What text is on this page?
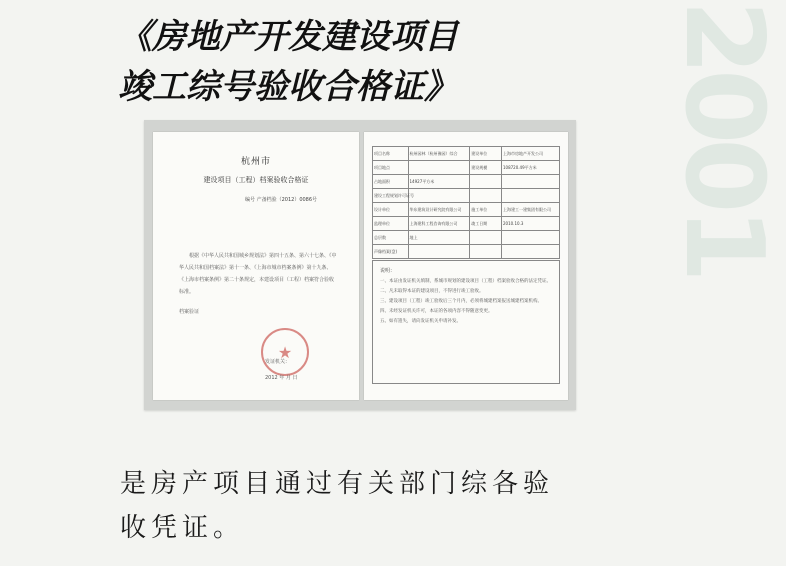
2001
《房地产开发建设项目
竣工综号验收合格证》
杭州市
建设项目（工程）档案验收合格证
编号 产备档验（2012）0086号
根据《中华人民共和国城乡规划法》第四十五条、第六十七条、《中华人民共和国档案法》第十一条、《上海市城市档案条例》第十九条、《上海市档案条例》第二十条规定，本建设项目（工程）档案符合验收标准。
档案验证
★
发证机关：
2012 年 月 日
项目名称	杭州园林（杭州豫园）综合	建设单位	上海市房地产开发公司
项目地点		建设规模	108720.49平方米
占地面积	14927平方米		
建设工程规划许可证号			
设计单位	华东建筑设计研究院有限公司	施工单位	上海建工一建集团有限公司
监理单位	上海建科工程咨询有限公司	竣工日期	2010.10.3
总层数	地上		
声像档案(盘)			
说明：
一、本证由发证机关填制，系城市规划的建设项目（工程）档案验收合格的法定凭证。
二、凡未取得本证的建设项目，不得进行竣工验收。
三、建设项目（工程）竣工验收后三个月内，必须将城建档案报送城建档案机构。
四、未经发证机关许可，本证的各项内容不得随意变更。
五、如有遗失，请向发证机关申请补发。
是房产项目通过有关部门综各验
收凭证。
